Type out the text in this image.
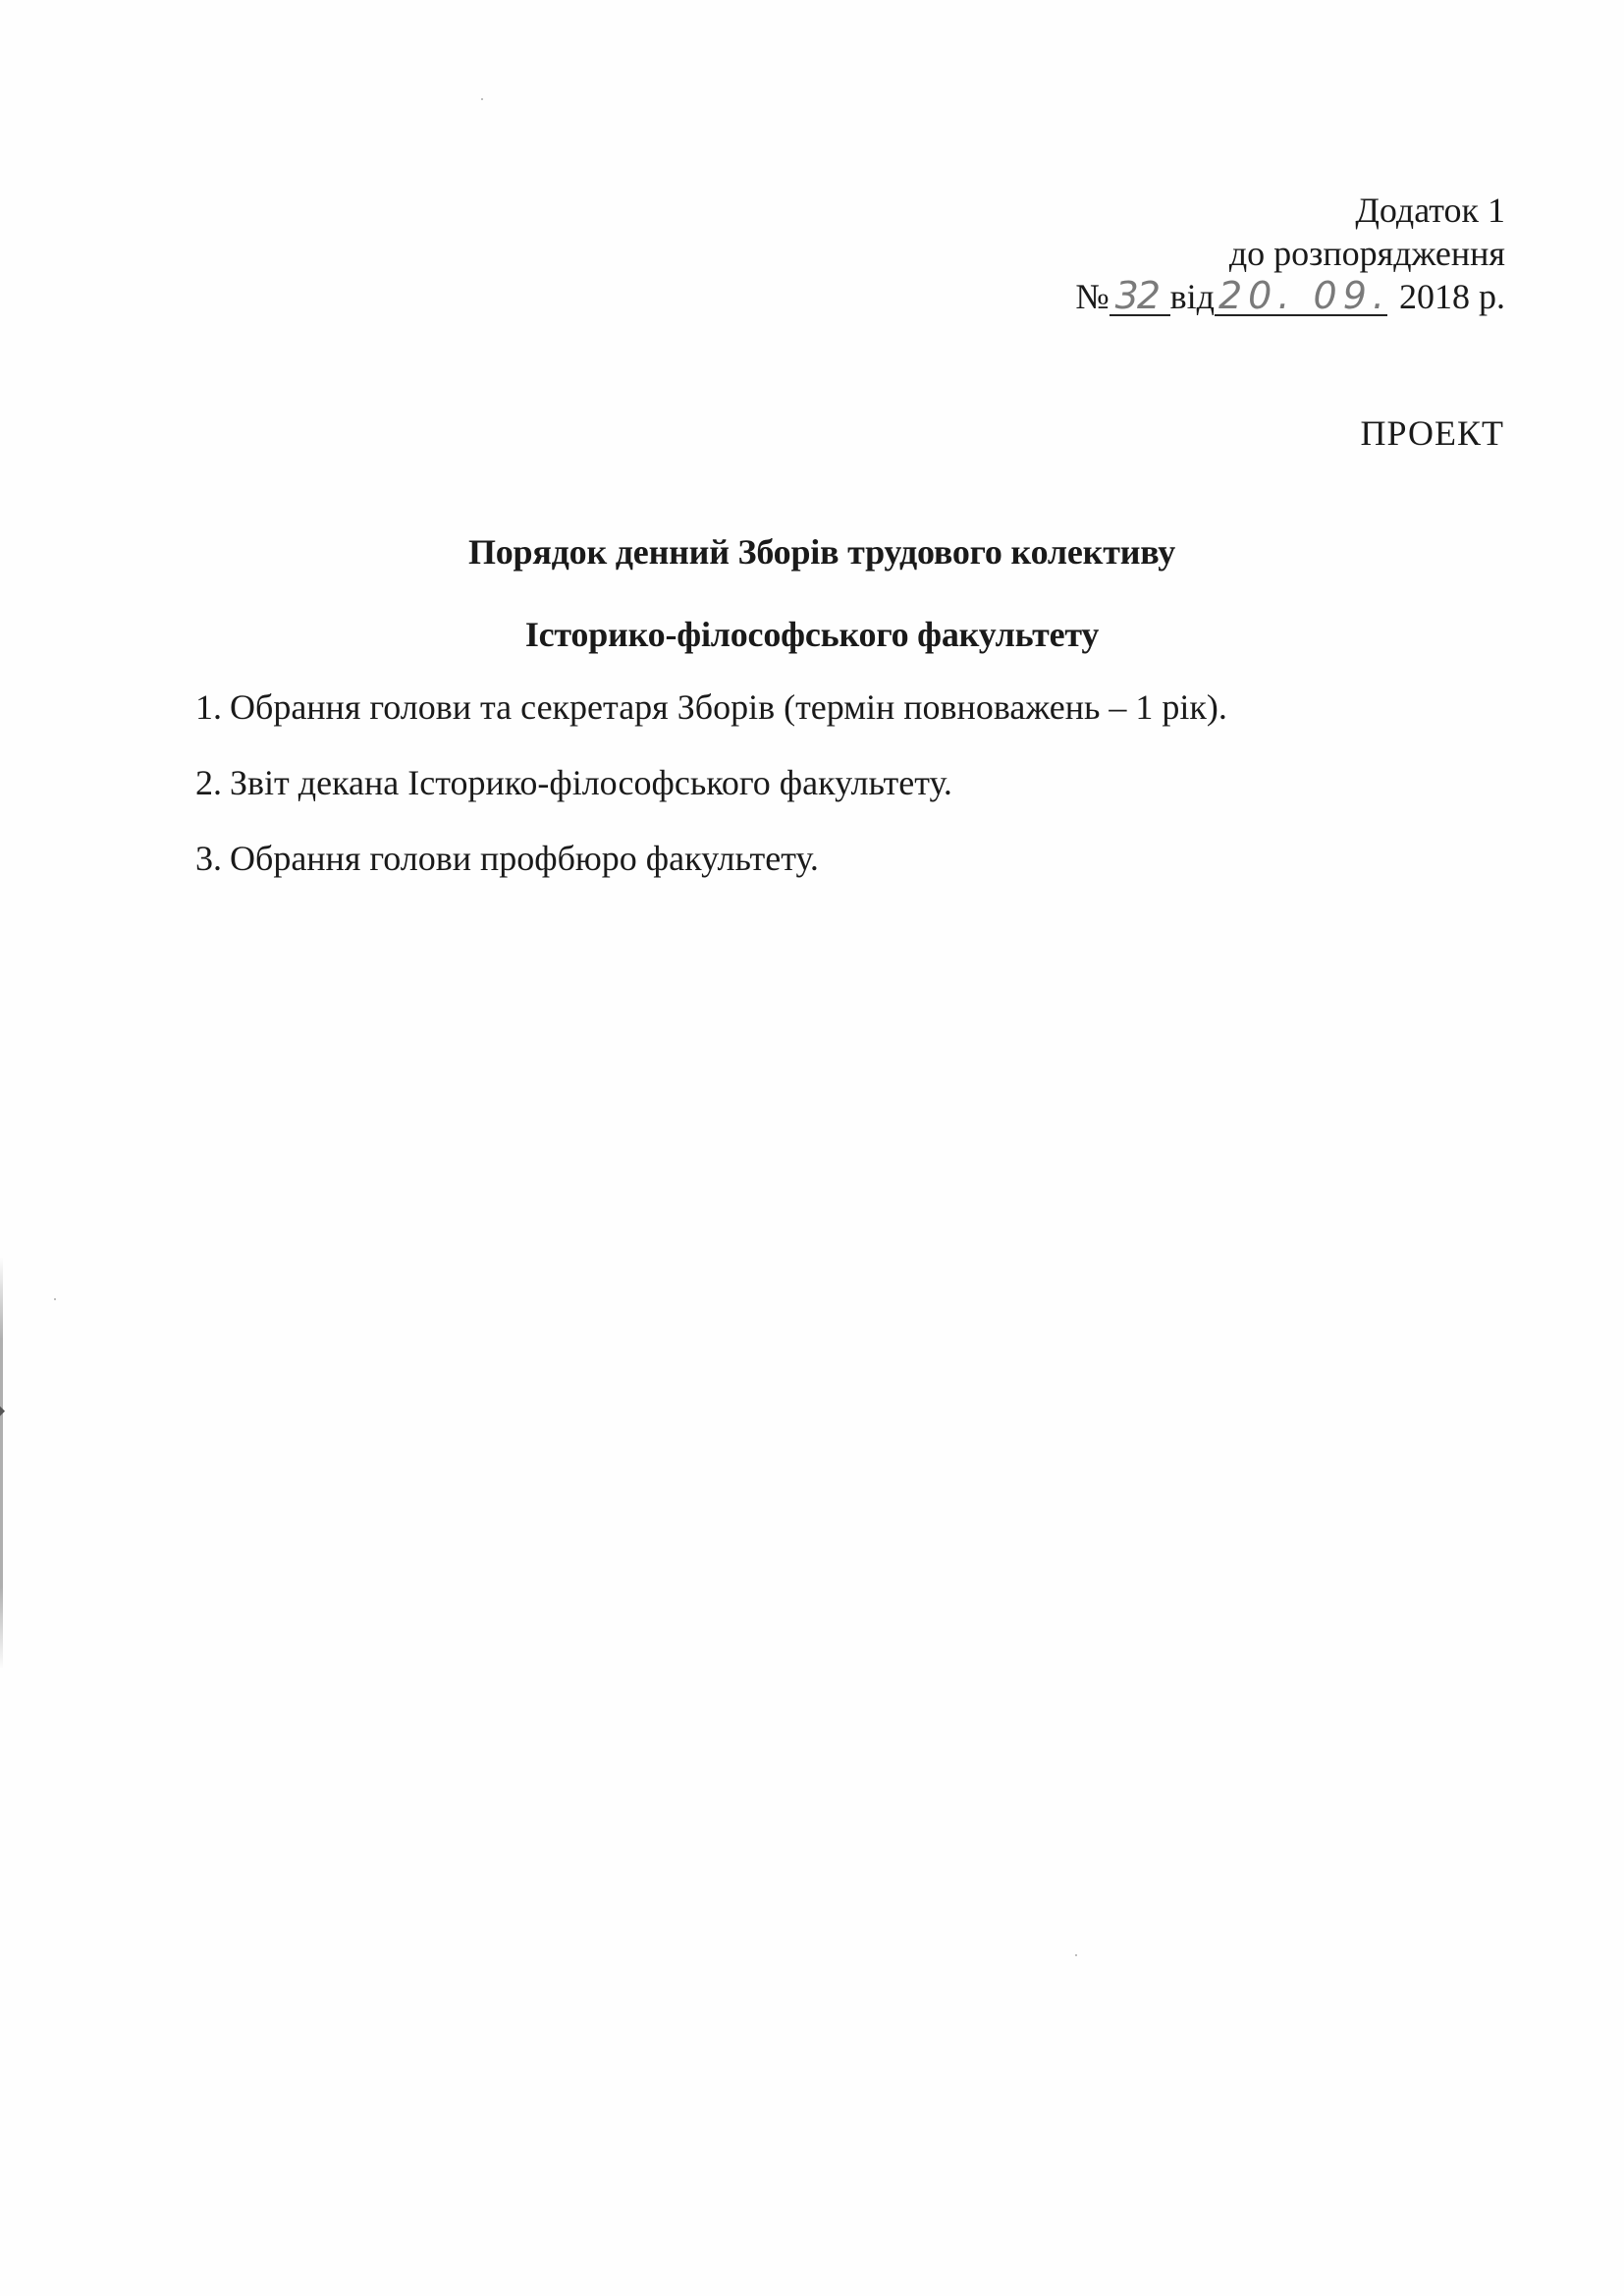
Додаток 1
до розпорядження
№ 32 від 20. 09. 2018 р.
ПРОЕКТ
Порядок денний Зборів трудового колективу
Історико-філософського факультету
1. Обрання голови та секретаря Зборів (термін повноважень – 1 рік).
2. Звіт декана Історико-філософського факультету.
3. Обрання голови профбюро факультету.
